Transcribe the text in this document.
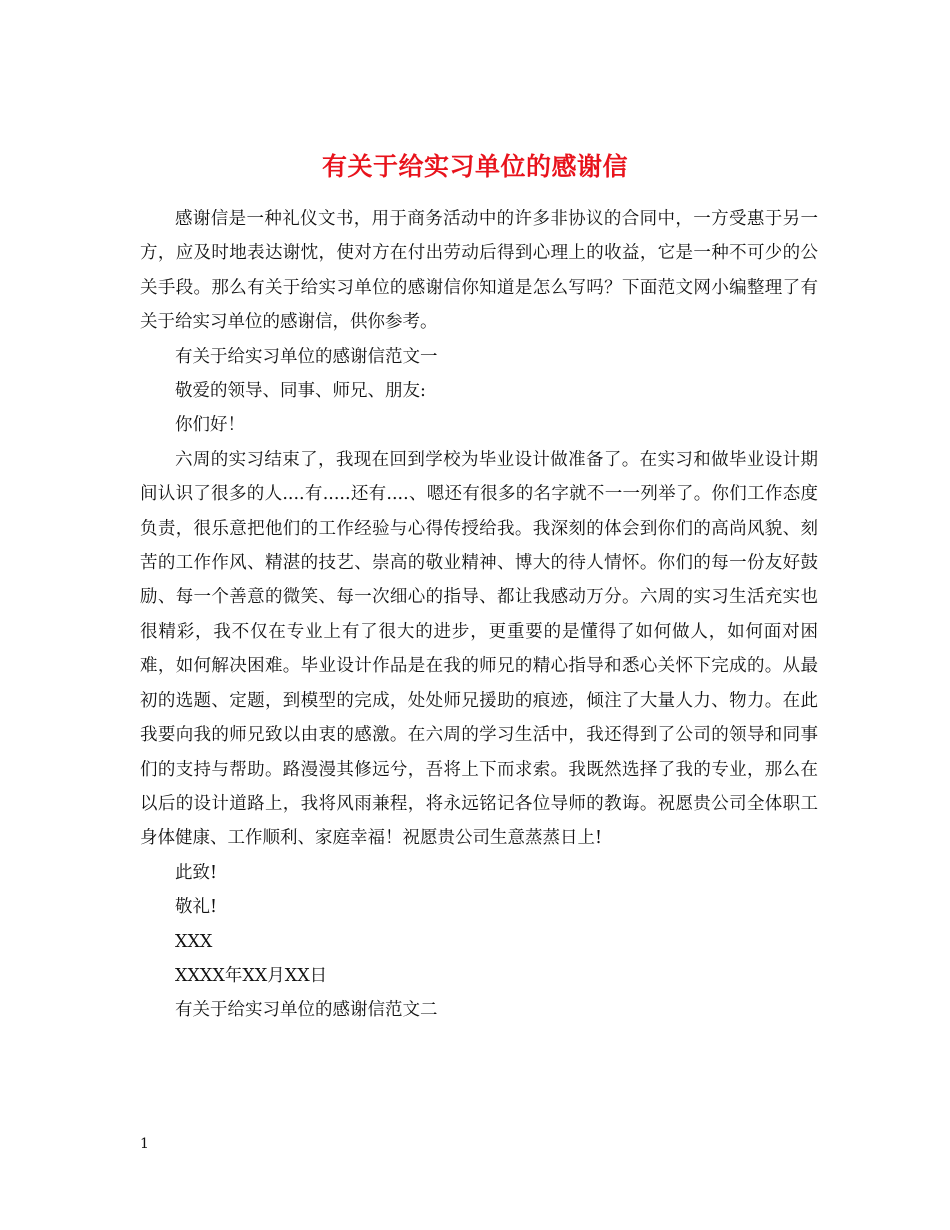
有关于给实习单位的感谢信

感谢信是一种礼仪文书，用于商务活动中的许多非协议的合同中，一方受惠于另一方，应及时地表达谢忱，使对方在付出劳动后得到心理上的收益，它是一种不可少的公关手段。那么有关于给实习单位的感谢信你知道是怎么写吗？下面范文网小编整理了有关于给实习单位的感谢信，供你参考。

有关于给实习单位的感谢信范文一

敬爱的领导、同事、师兄、朋友:

你们好！

六周的实习结束了，我现在回到学校为毕业设计做准备了。在实习和做毕业设计期间认识了很多的人....有.....还有....、嗯还有很多的名字就不一一列举了。你们工作态度负责，很乐意把他们的工作经验与心得传授给我。我深刻的体会到你们的高尚风貌、刻苦的工作作风、精湛的技艺、崇高的敬业精神、博大的待人情怀。你们的每一份友好鼓励、每一个善意的微笑、每一次细心的指导、都让我感动万分。六周的实习生活充实也很精彩，我不仅在专业上有了很大的进步，更重要的是懂得了如何做人，如何面对困难，如何解决困难。毕业设计作品是在我的师兄的精心指导和悉心关怀下完成的。从最初的选题、定题，到模型的完成，处处师兄援助的痕迹，倾注了大量人力、物力。在此我要向我的师兄致以由衷的感激。在六周的学习生活中，我还得到了公司的领导和同事们的支持与帮助。路漫漫其修远兮，吾将上下而求索。我既然选择了我的专业，那么在以后的设计道路上，我将风雨兼程，将永远铭记各位导师的教诲。祝愿贵公司全体职工身体健康、工作顺利、家庭幸福！祝愿贵公司生意蒸蒸日上!

此致!

敬礼!

XXX

XXXX年XX月XX日

有关于给实习单位的感谢信范文二

1
